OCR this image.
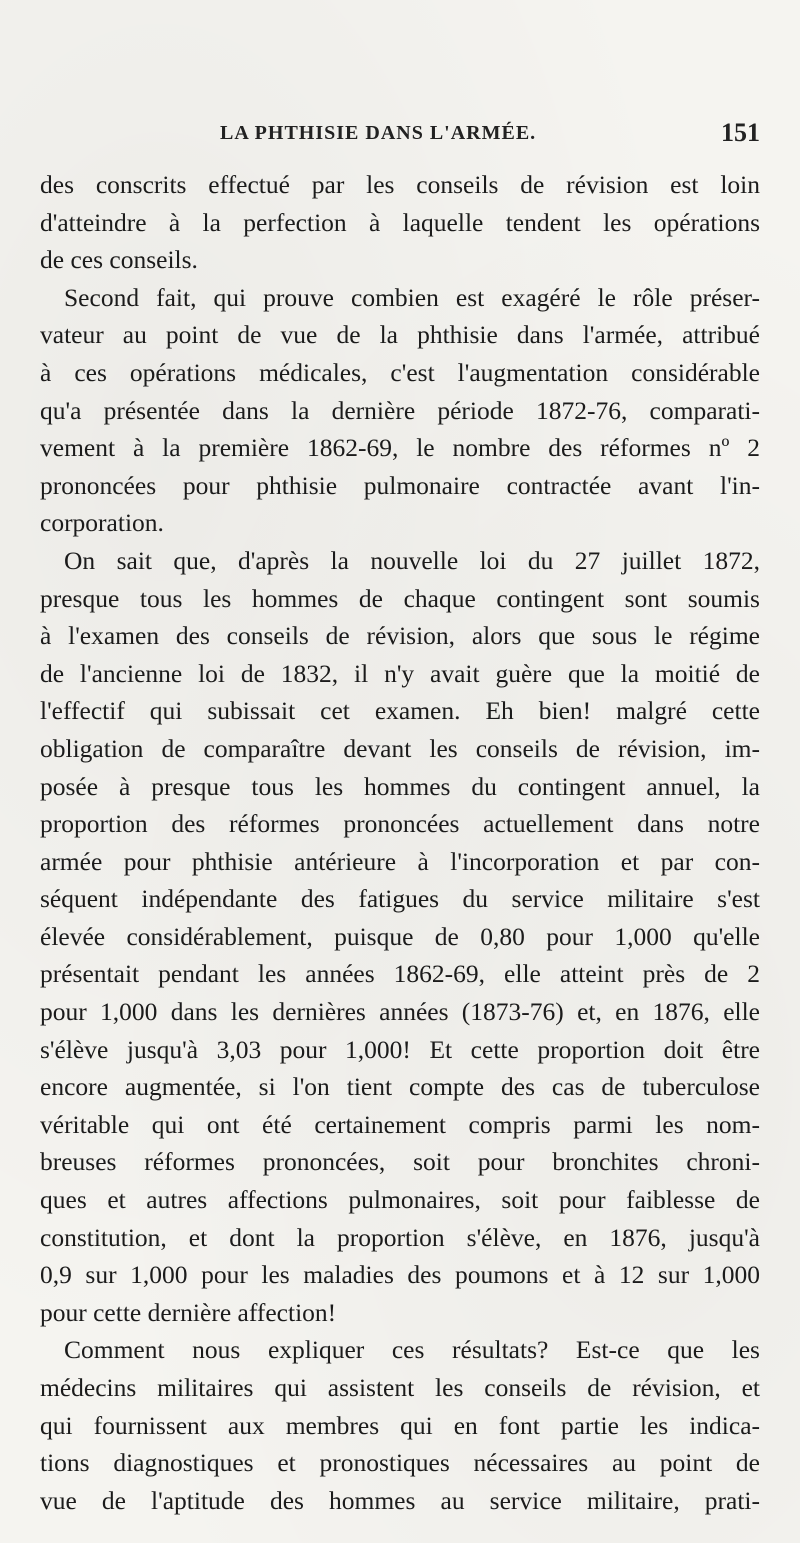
LA PHTHISIE DANS L'ARMÉE.	151
des conscrits effectué par les conseils de révision est loin
d'atteindre à la perfection à laquelle tendent les opérations
de ces conseils.
Second fait, qui prouve combien est exagéré le rôle préser-
vateur au point de vue de la phthisie dans l'armée, attribué
à ces opérations médicales, c'est l'augmentation considérable
qu'a présentée dans la dernière période 1872-76, comparati-
vement à la première 1862-69, le nombre des réformes nº 2
prononcées pour phthisie pulmonaire contractée avant l'in-
corporation.
On sait que, d'après la nouvelle loi du 27 juillet 1872,
presque tous les hommes de chaque contingent sont soumis
à l'examen des conseils de révision, alors que sous le régime
de l'ancienne loi de 1832, il n'y avait guère que la moitié de
l'effectif qui subissait cet examen. Eh bien! malgré cette
obligation de comparaître devant les conseils de révision, im-
posée à presque tous les hommes du contingent annuel, la
proportion des réformes prononcées actuellement dans notre
armée pour phthisie antérieure à l'incorporation et par con-
séquent indépendante des fatigues du service militaire s'est
élevée considérablement, puisque de 0,80 pour 1,000 qu'elle
présentait pendant les années 1862-69, elle atteint près de 2
pour 1,000 dans les dernières années (1873-76) et, en 1876, elle
s'élève jusqu'à 3,03 pour 1,000! Et cette proportion doit être
encore augmentée, si l'on tient compte des cas de tuberculose
véritable qui ont été certainement compris parmi les nom-
breuses réformes prononcées, soit pour bronchites chroni-
ques et autres affections pulmonaires, soit pour faiblesse de
constitution, et dont la proportion s'élève, en 1876, jusqu'à
0,9 sur 1,000 pour les maladies des poumons et à 12 sur 1,000
pour cette dernière affection!
Comment nous expliquer ces résultats? Est-ce que les
médecins militaires qui assistent les conseils de révision, et
qui fournissent aux membres qui en font partie les indica-
tions diagnostiques et pronostiques nécessaires au point de
vue de l'aptitude des hommes au service militaire, prati-
